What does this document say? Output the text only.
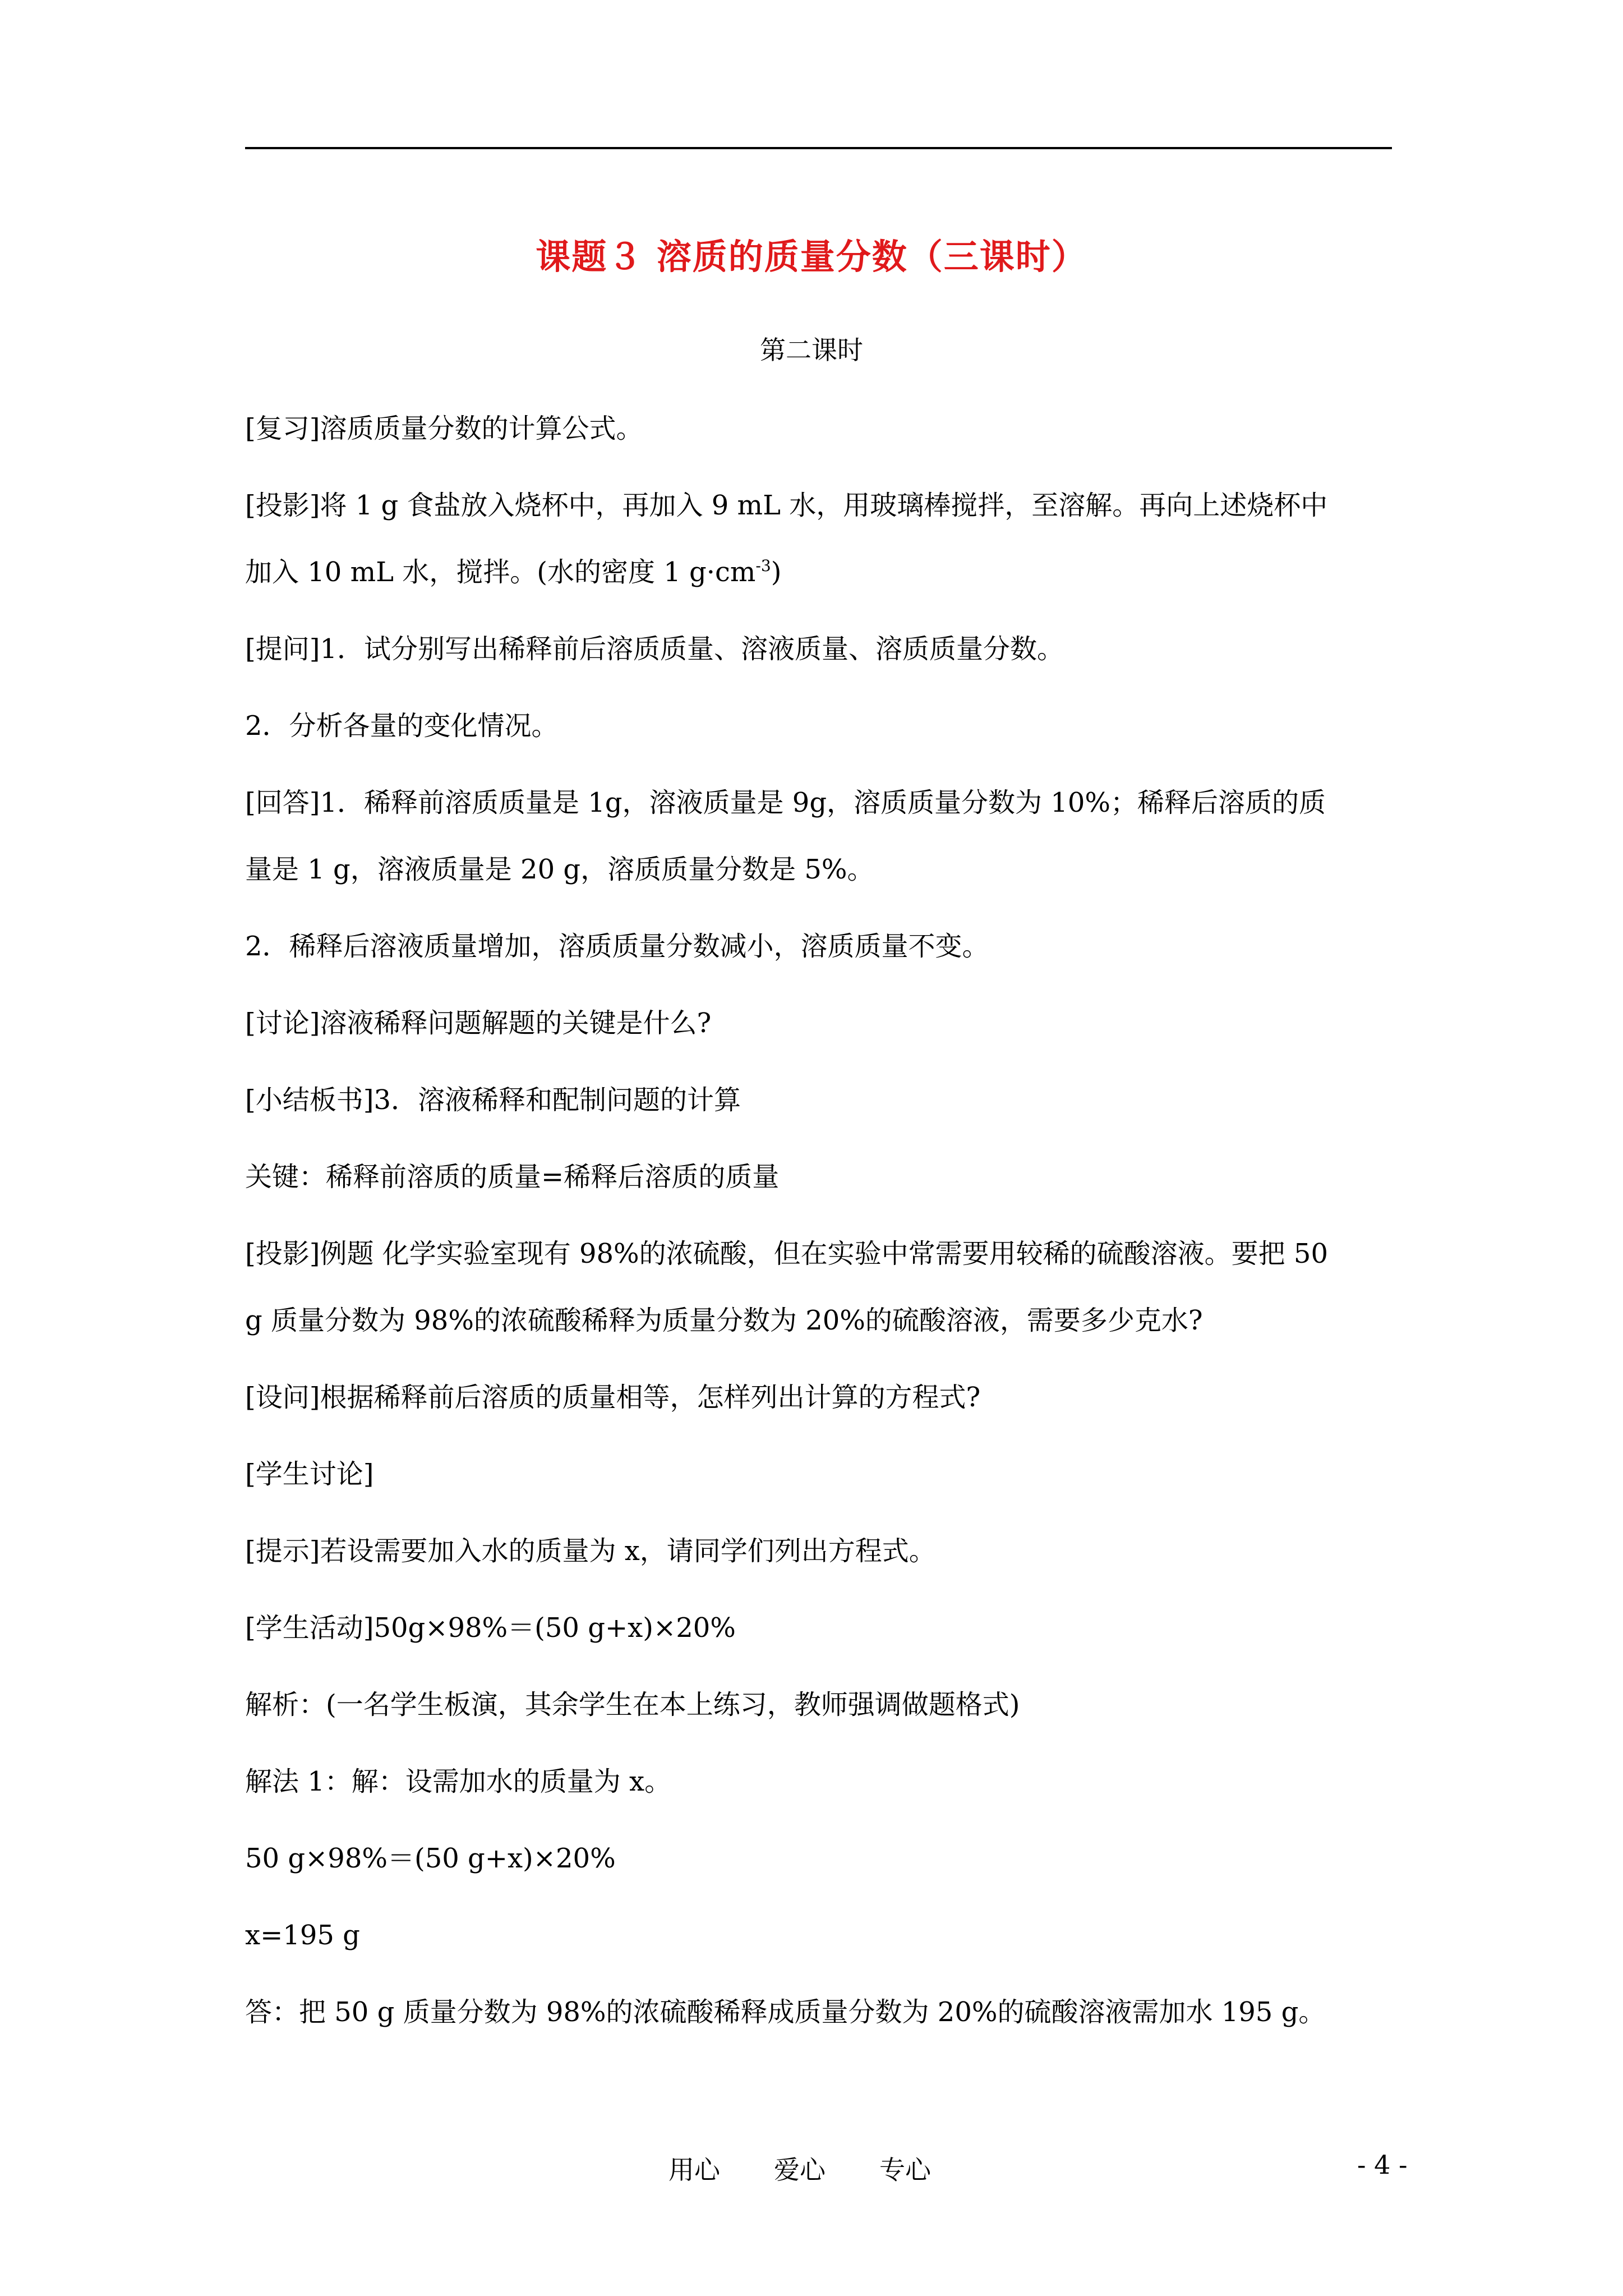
课题３ 溶质的质量分数（三课时）
第二课时

[复习]溶质质量分数的计算公式。

[投影]将 1 g 食盐放入烧杯中，再加入 9 mL 水，用玻璃棒搅拌，至溶解。再向上述烧杯中
加入 10 mL 水，搅拌。(水的密度 1 $g\cdot cm^{-3}$)

[提问]1．试分别写出稀释前后溶质质量、溶液质量、溶质质量分数。

2．分析各量的变化情况。

[回答]1．稀释前溶质质量是 1g，溶液质量是 9g，溶质质量分数为 10%；稀释后溶质的质
量是 1 g，溶液质量是 20 g，溶质质量分数是 5%。

2．稀释后溶液质量增加，溶质质量分数减小，溶质质量不变。

[讨论]溶液稀释问题解题的关键是什么?

[小结板书]3．溶液稀释和配制问题的计算

关键：稀释前溶质的质量=稀释后溶质的质量

[投影]例题 化学实验室现有 98%的浓硫酸，但在实验中常需要用较稀的硫酸溶液。要把 50
g 质量分数为 98%的浓硫酸稀释为质量分数为 20%的硫酸溶液，需要多少克水?

[设问]根据稀释前后溶质的质量相等，怎样列出计算的方程式?

[学生讨论]

[提示]若设需要加入水的质量为 x，请同学们列出方程式。

[学生活动]50g×98%＝(50 g+x)×20%

解析：(一名学生板演，其余学生在本上练习，教师强调做题格式)

解法 1：解：设需加水的质量为 x。

50 g×98%＝(50 g+x)×20%

x=195 g

答：把 50 g 质量分数为 98%的浓硫酸稀释成质量分数为 20%的硫酸溶液需加水 195 g。

用心 爱心 专心	- 4 -
